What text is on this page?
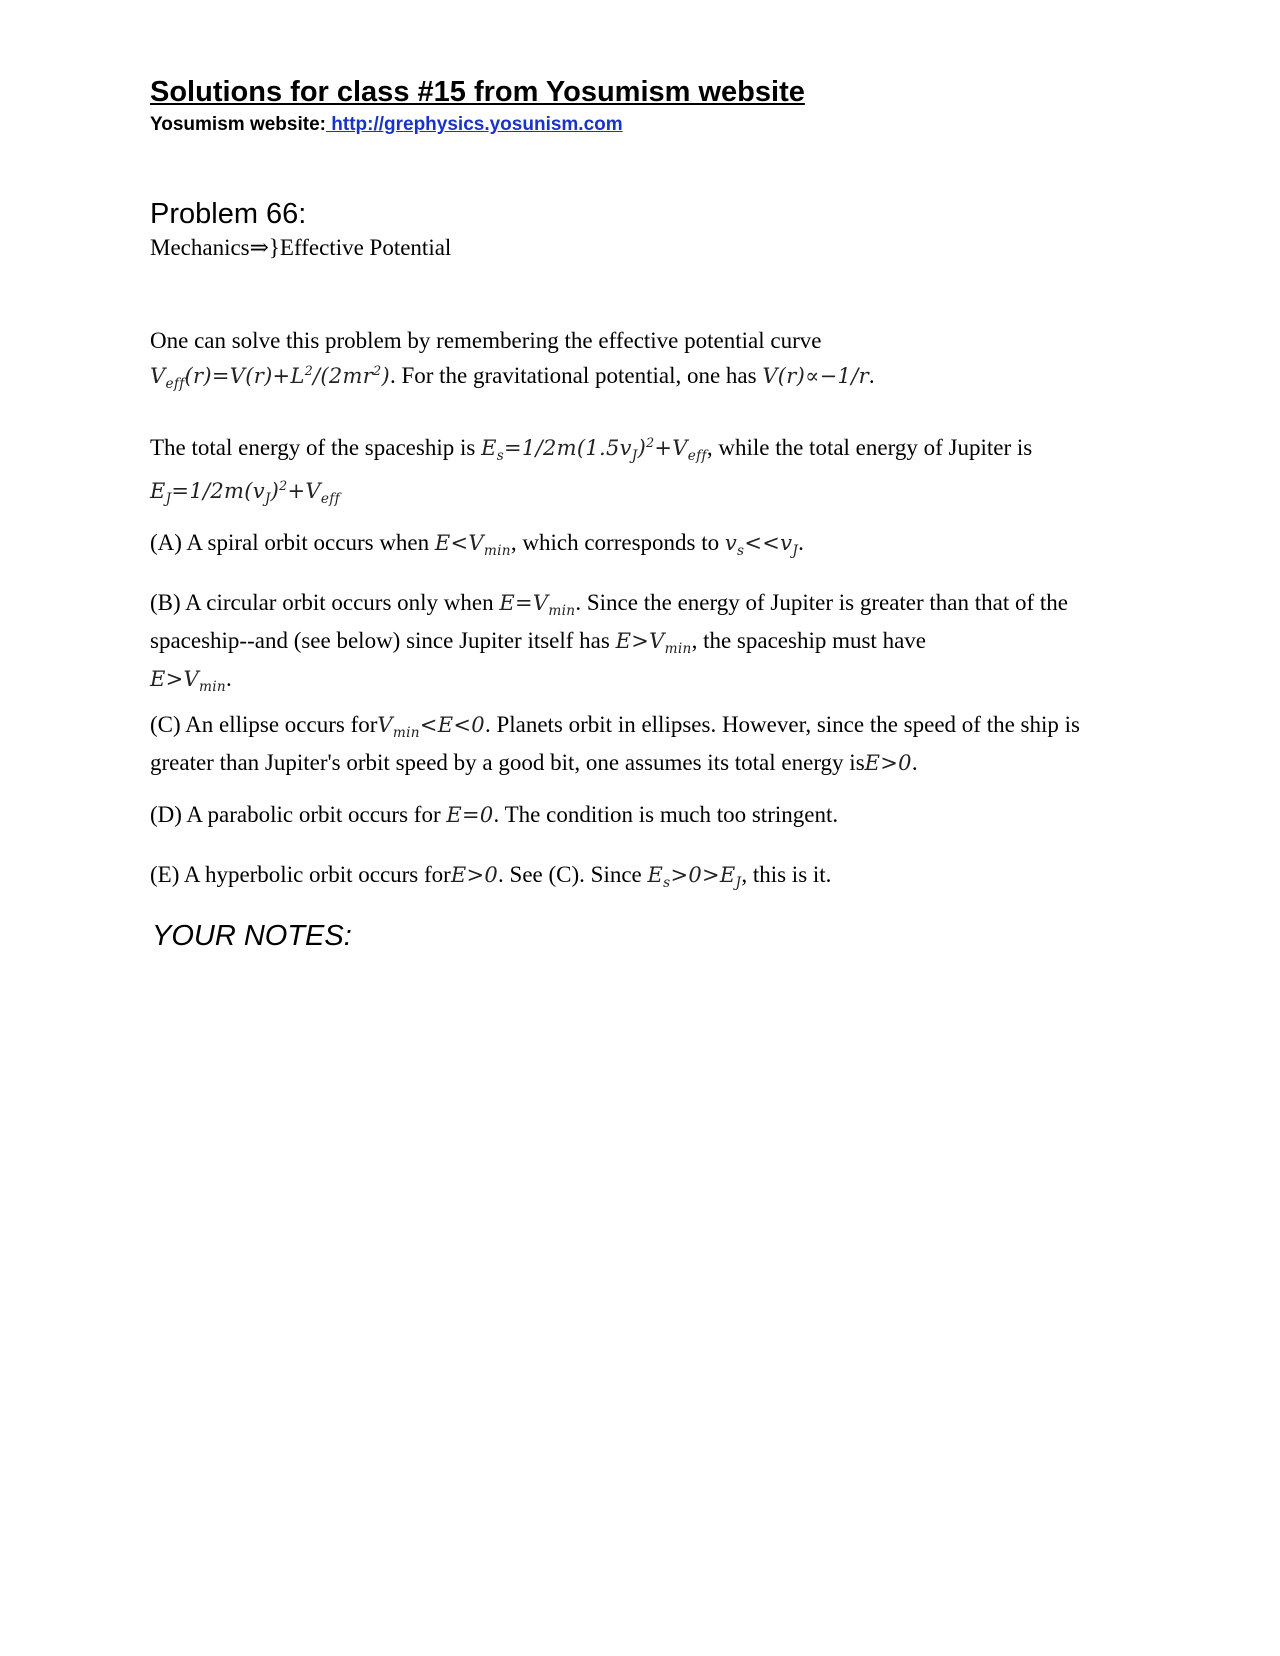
Solutions for class #15 from Yosumism website
Yosumism website: http://grephysics.yosunism.com
Problem 66:
Mechanics⇒}Effective Potential
One can solve this problem by remembering the effective potential curve
$V_{eff}(r)=V(r)+L^2/(2mr^2)$. For the gravitational potential, one has V(r)∝−1/r.
The total energy of the spaceship is $E_s=1/2m(1.5v_J)^2+V_{eff}$, while the total energy of Jupiter is $E_J=1/2m(v_J)^2+V_{eff}$
(A) A spiral orbit occurs when $E<V_{min}$, which corresponds to $v_s<<v_J$.
(B) A circular orbit occurs only when $E=V_{min}$. Since the energy of Jupiter is greater than that of the spaceship--and (see below) since Jupiter itself has $E>V_{min}$, the spaceship must have
$E>V_{min}$.
(C) An ellipse occurs forV$_{min}$<E<0. Planets orbit in ellipses. However, since the speed of the ship is greater than Jupiter's orbit speed by a good bit, one assumes its total energy isE>0.
(D) A parabolic orbit occurs for E=0. The condition is much too stringent.
(E) A hyperbolic orbit occurs forE>0. See (C). Since $E_s>0>E_J$, this is it.
YOUR NOTES:
